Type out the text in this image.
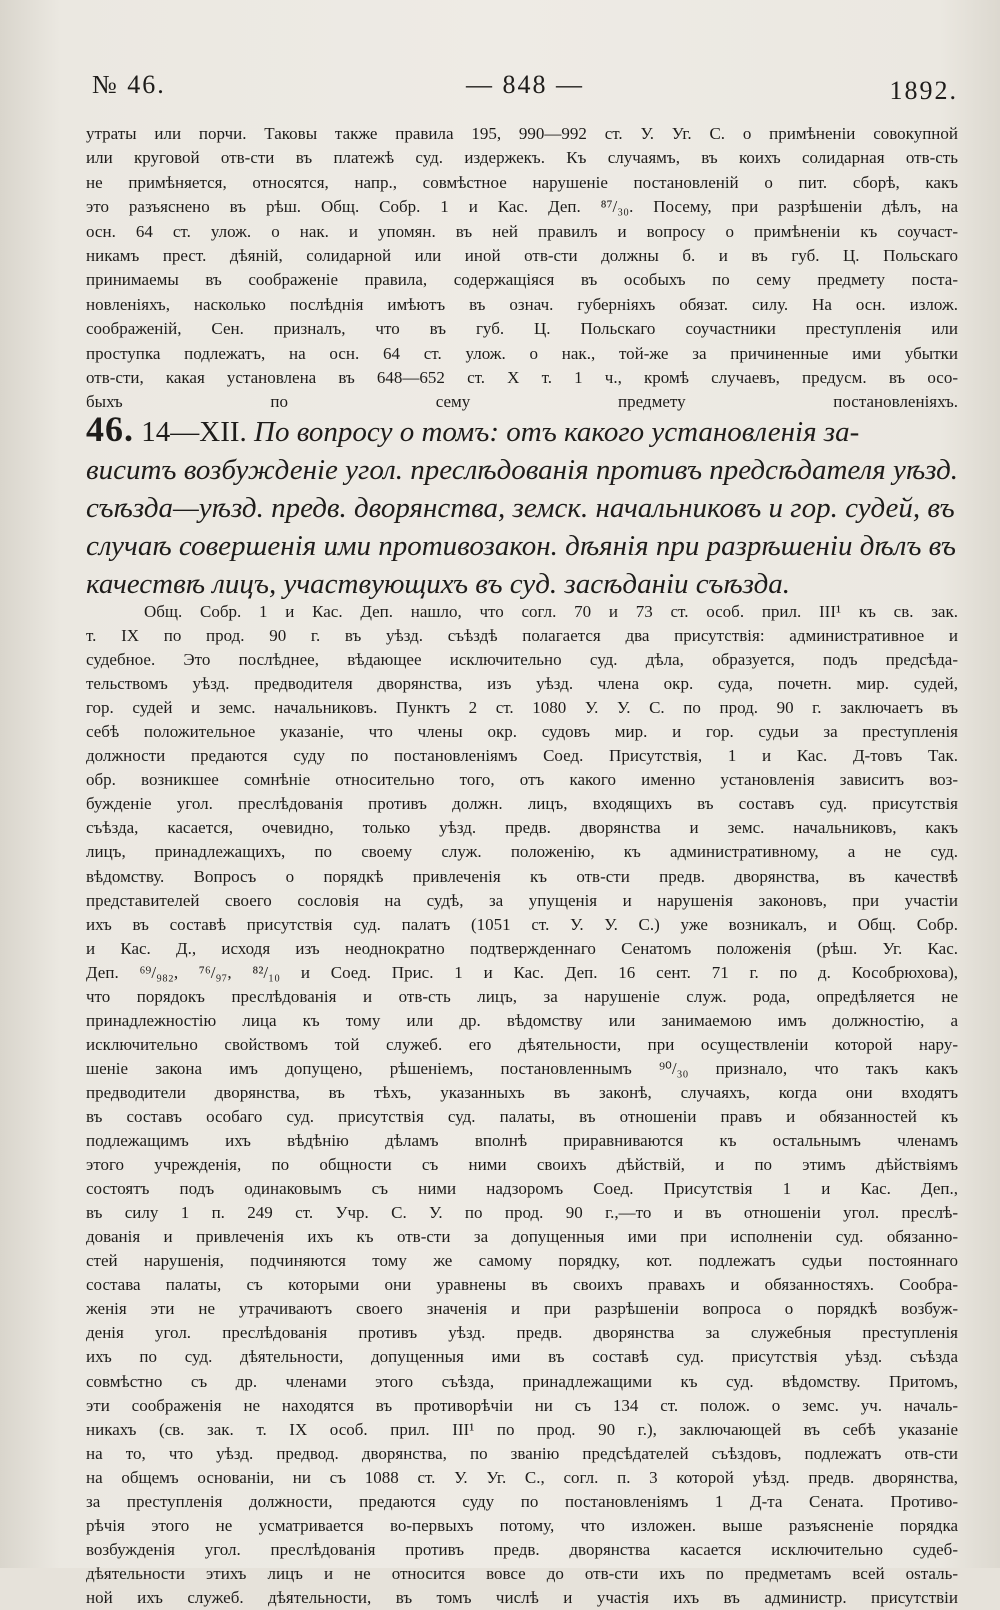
№ 46.	— 848 —	1892.
утраты или порчи. Таковы также правила 195, 990—992 ст. У. Уг. С. о примѣненіи совокупной
или круговой отв-сти въ платежѣ суд. издержекъ. Къ случаямъ, въ коихъ солидарная отв-сть
не примѣняется, относятся, напр., совмѣстное нарушеніе постановленій о пит. сборѣ, какъ
это разъяснено въ рѣш. Общ. Собр. 1 и Кас. Деп. ⁸⁷/₃₀. Посему, при разрѣшеніи дѣлъ, на
осн. 64 ст. улож. о нак. и упомян. въ ней правилъ и вопросу о примѣненіи къ соучаст-
никамъ прест. дѣяній, солидарной или иной отв-сти должны б. и въ губ. Ц. Польскаго
принимаемы въ соображеніе правила, содержащіяся въ особыхъ по сему предмету поста-
новленіяхъ, насколько послѣднія имѣютъ въ означ. губерніяхъ обязат. силу. На осн. излож.
соображеній, Сен. призналъ, что въ губ. Ц. Польскаго соучастники преступленія или
проступка подлежатъ, на осн. 64 ст. улож. о нак., той-же за причиненные ими убытки
отв-сти, какая установлена въ 648—652 ст. Х т. 1 ч., кромѣ случаевъ, предусм. въ осо-
быхъ по сему предмету постановленіяхъ.
46. 14—XII. По вопросу о томъ: отъ какого установленія за-
виситъ возбужденіе угол. преслѣдованія противъ предсѣдателя уѣзд.
съѣзда—уѣзд. предв. дворянства, земск. начальниковъ и гор. судей, въ
случаѣ совершенія ими противозакон. дѣянія при разрѣшеніи дѣлъ въ
качествѣ лицъ, участвующихъ въ суд. засѣданіи съѣзда.
Общ. Собр. 1 и Кас. Деп. нашло, что согл. 70 и 73 ст. особ. прил. III¹ къ св. зак.
т. IX по прод. 90 г. въ уѣзд. съѣздѣ полагается два присутствія: административное и
судебное. Это послѣднее, вѣдающее исключительно суд. дѣла, образуется, подъ предсѣда-
тельствомъ уѣзд. предводителя дворянства, изъ уѣзд. члена окр. суда, почетн. мир. судей,
гор. судей и земс. начальниковъ. Пунктъ 2 ст. 1080 У. У. С. по прод. 90 г. заключаетъ въ
себѣ положительное указаніе, что члены окр. судовъ мир. и гор. судьи за преступленія
должности предаются суду по постановленіямъ Соед. Присутствія, 1 и Кас. Д-товъ Так.
обр. возникшее сомнѣніе относительно того, отъ какого именно установленія зависитъ воз-
бужденіе угол. преслѣдованія противъ должн. лицъ, входящихъ въ составъ суд. присутствія
съѣзда, касается, очевидно, только уѣзд. предв. дворянства и земс. начальниковъ, какъ
лицъ, принадлежащихъ, по своему служ. положенію, къ административному, а не суд.
вѣдомству. Вопросъ о порядкѣ привлеченія къ отв-сти предв. дворянства, въ качествѣ
представителей своего сословія на судѣ, за упущенія и нарушенія законовъ, при участіи
ихъ въ составѣ присутствія суд. палатъ (1051 ст. У. У. С.) уже возникалъ, и Общ. Собр.
и Кас. Д., исходя изъ неоднократно подтвержденнаго Сенатомъ положенія (рѣш. Уг. Кас.
Деп. ⁶⁹/₉₈₂, ⁷⁶/₉₇, ⁸²/₁₀ и Соед. Прис. 1 и Кас. Деп. 16 сент. 71 г. по д. Кособрюхова),
что порядокъ преслѣдованія и отв-сть лицъ, за нарушеніе служ. рода, опредѣляется не
принадлежностію лица къ тому или др. вѣдомству или занимаемою имъ должностію, а
исключительно свойствомъ той служеб. его дѣятельности, при осуществленіи которой нару-
шеніе закона имъ допущено, рѣшеніемъ, постановленнымъ ⁹⁰/₃₀ признало, что такъ какъ
предводители дворянства, въ тѣхъ, указанныхъ въ законѣ, случаяхъ, когда они входятъ
въ составъ особаго суд. присутствія суд. палаты, въ отношеніи правъ и обязанностей къ
подлежащимъ ихъ вѣдѣнію дѣламъ вполнѣ приравниваются къ остальнымъ членамъ
этого учрежденія, по общности съ ними своихъ дѣйствій, и по этимъ дѣйствіямъ
состоятъ подъ одинаковымъ съ ними надзоромъ Соед. Присутствія 1 и Кас. Деп.,
въ силу 1 п. 249 ст. Учр. С. У. по прод. 90 г.,—то и въ отношеніи угол. преслѣ-
дованія и привлеченія ихъ къ отв-сти за допущенныя ими при исполненіи суд. обязанно-
стей нарушенія, подчиняются тому же самому порядку, кот. подлежатъ судьи постояннаго
состава палаты, съ которыми они уравнены въ своихъ правахъ и обязанностяхъ. Сообра-
женія эти не утрачиваютъ своего значенія и при разрѣшеніи вопроса о порядкѣ возбуж-
денія угол. преслѣдованія противъ уѣзд. предв. дворянства за служебныя преступленія
ихъ по суд. дѣятельности, допущенныя ими въ составѣ суд. присутствія уѣзд. съѣзда
совмѣстно съ др. членами этого съѣзда, принадлежащими къ суд. вѣдомству. Притомъ,
эти соображенія не находятся въ противорѣчіи ни съ 134 ст. полож. о земс. уч. началь-
никахъ (св. зак. т. IX особ. прил. III¹ по прод. 90 г.), заключающей въ себѣ указаніе
на то, что уѣзд. предвод. дворянства, по званію предсѣдателей съѣздовъ, подлежатъ отв-сти
на общемъ основаніи, ни съ 1088 ст. У. Уг. С., согл. п. 3 которой уѣзд. предв. дворянства,
за преступленія должности, предаются суду по постановленіямъ 1 Д-та Сената. Противо-
рѣчія этого не усматривается во-первыхъ потому, что изложен. выше разъясненіе порядка
возбужденія угол. преслѣдованія противъ предв. дворянства касается исключительно судеб-
дѣятельности этихъ лицъ и не относится вовсе до отв-сти ихъ по предметамъ всей osталь-
ной ихъ служеб. дѣятельности, въ томъ числѣ и участія ихъ въ администр. присутствіи
